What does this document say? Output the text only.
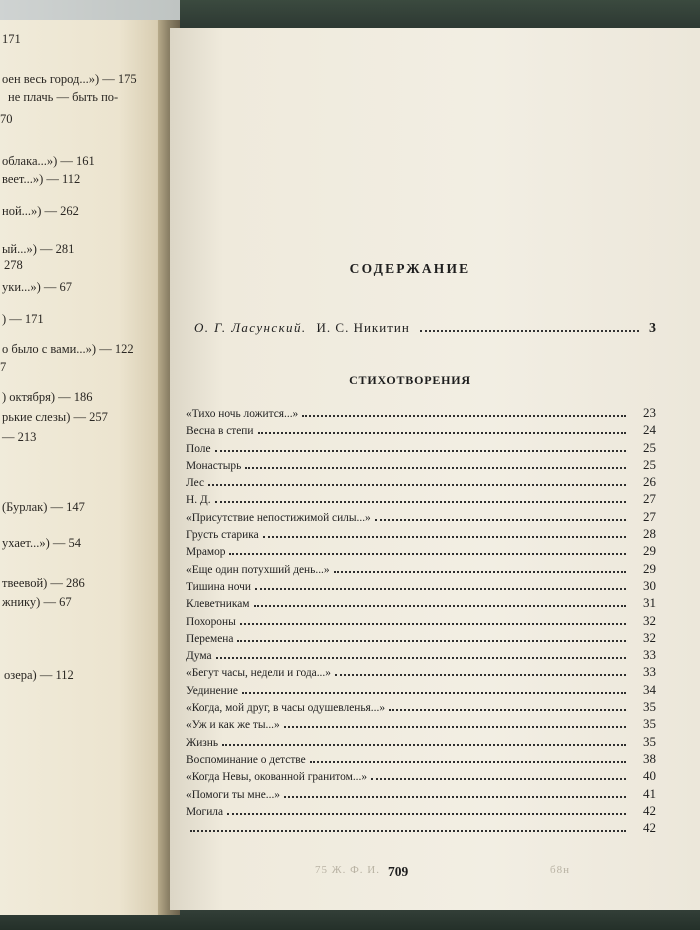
171
оен весь город...») — 175
не плачь — быть по-
70
облака...») — 161
веет...») — 112
ной...») — 262
ый...») — 281
278
уки...») — 67
) — 171
о было с вами...») — 122
7
) октября) — 186
рькие слезы) — 257
— 213
(Бурлак) — 147
ухает...») — 54
твеевой) — 286
жнику) — 67
озера) — 112
СОДЕРЖАНИЕ
О. Г. Ласунский. И. С. Никитин	3
СТИХОТВОРЕНИЯ
«Тихо ночь ложится...»	23
Весна в степи	24
Поле	25
Монастырь	25
Лес	26
Н. Д.	27
«Присутствие непостижимой силы...»	27
Грусть старика	28
Мрамор	29
«Еще один потухший день...»	29
Тишина ночи	30
Клеветникам	31
Похороны	32
Перемена	32
Дума	33
«Бегут часы, недели и года...»	33
Уединение	34
«Когда, мой друг, в часы одушевленья...»	35
«Уж и как же ты...»	35
Жизнь	35
Воспоминание о детстве	38
«Когда Невы, окованной гранитом...»	40
«Помоги ты мне...»	41
Могила	42
42
75 Ж. Ф. И. 709	б8н
